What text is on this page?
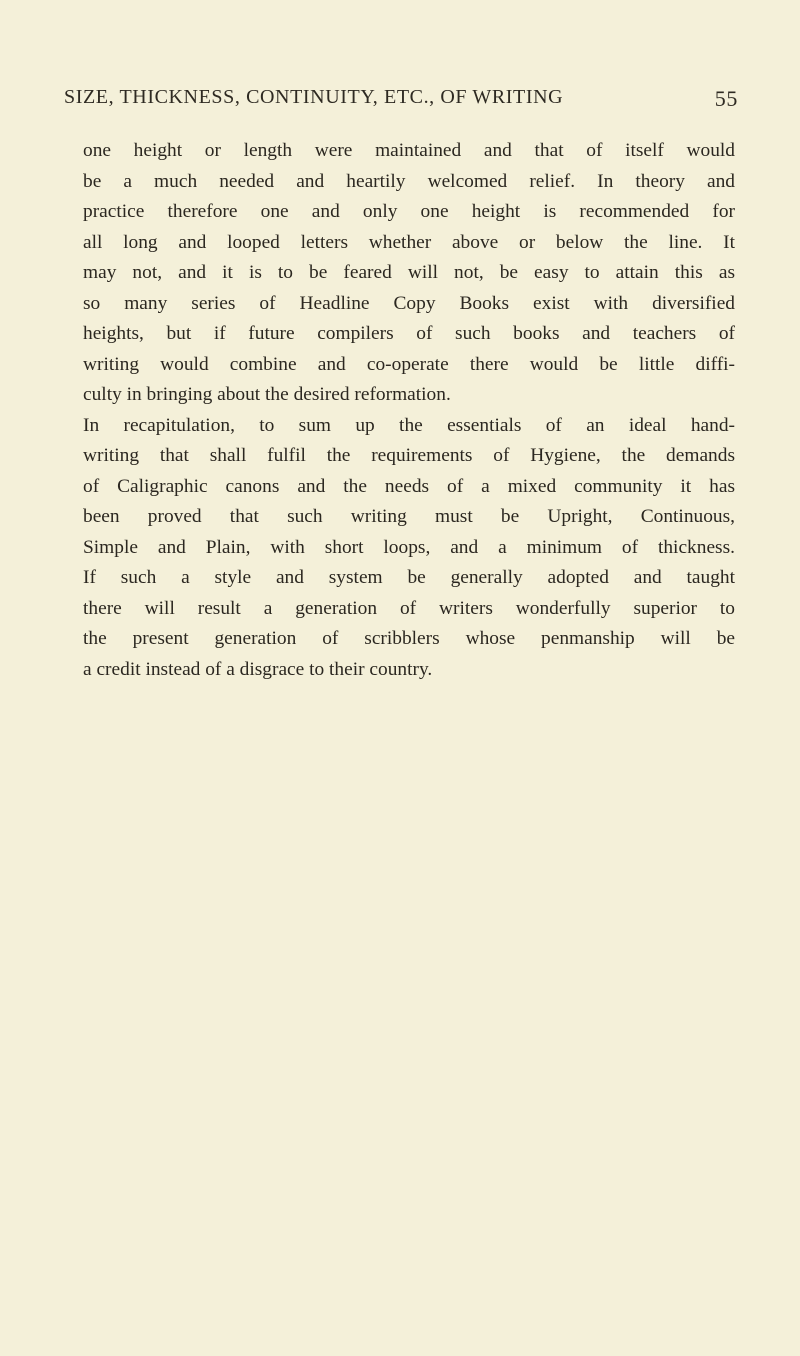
SIZE, THICKNESS, CONTINUITY, ETC., OF WRITING	55
one height or length were maintained and that of itself would
be a much needed and heartily welcomed relief. In theory and
practice therefore one and only one height is recommended for
all long and looped letters whether above or below the line. It
may not, and it is to be feared will not, be easy to attain this as
so many series of Headline Copy Books exist with diversified
heights, but if future compilers of such books and teachers of
writing would combine and co-operate there would be little diffi-
culty in bringing about the desired reformation.
In recapitulation, to sum up the essentials of an ideal hand-
writing that shall fulfil the requirements of Hygiene, the demands
of Caligraphic canons and the needs of a mixed community it has
been proved that such writing must be Upright, Continuous,
Simple and Plain, with short loops, and a minimum of thickness.
If such a style and system be generally adopted and taught
there will result a generation of writers wonderfully superior to
the present generation of scribblers whose penmanship will be
a credit instead of a disgrace to their country.
